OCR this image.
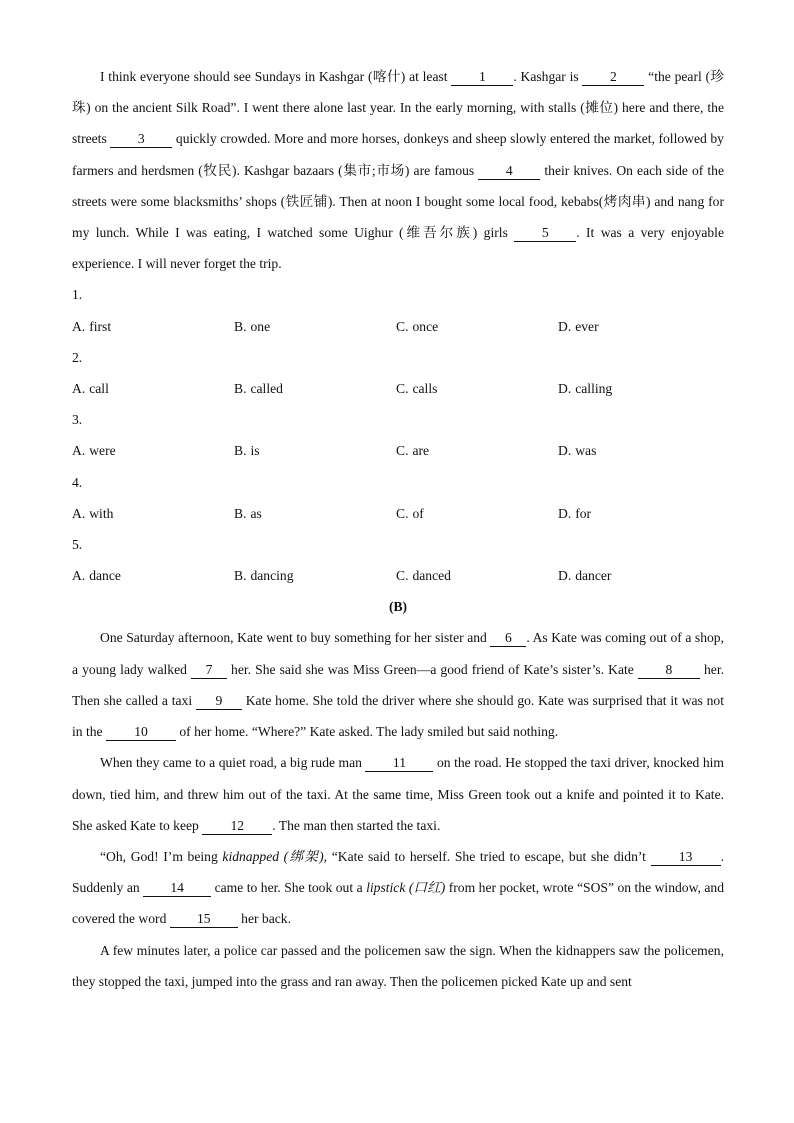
I think everyone should see Sundays in Kashgar (喀什) at least 1 . Kashgar is 2 “the pearl (珍珠) on the ancient Silk Road”. I went there alone last year. In the early morning, with stalls (摊位) here and there, the streets 3 quickly crowded. More and more horses, donkeys and sheep slowly entered the market, followed by farmers and herdsmen (牧民). Kashgar bazaars (集市;市场) are famous 4 their knives. On each side of the streets were some blacksmiths’ shops (铁匠铺). Then at noon I bought some local food, kebabs(烤肉串) and nang for my lunch. While I was eating, I watched some Uighur (维吾尔族) girls 5 . It was a very enjoyable experience. I will never forget the trip.

1.
A. first	B. one	C. once	D. ever
2.
A. call	B. called	C. calls	D. calling
3.
A. were	B. is	C. are	D. was
4.
A. with	B. as	C. of	D. for
5.
A. dance	B. dancing	C. danced	D. dancer
(B)

One Saturday afternoon, Kate went to buy something for her sister and 6 . As Kate was coming out of a shop, a young lady walked 7 her. She said she was Miss Green—a good friend of Kate’s sister’s. Kate 8 her. Then she called a taxi 9 Kate home. She told the driver where she should go. Kate was surprised that it was not in the 10 of her home. “Where?” Kate asked. The lady smiled but said nothing.

When they came to a quiet road, a big rude man 11 on the road. He stopped the taxi driver, knocked him down, tied him, and threw him out of the taxi. At the same time, Miss Green took out a knife and pointed it to Kate. She asked Kate to keep 12 . The man then started the taxi.

“Oh, God! I’m being kidnapped (绑架), “Kate said to herself. She tried to escape, but she didn’t 13 . Suddenly an 14 came to her. She took out a lipstick (口红) from her pocket, wrote “SOS” on the window, and covered the word 15 her back.

A few minutes later, a police car passed and the policemen saw the sign. When the kidnappers saw the policemen, they stopped the taxi, jumped into the grass and ran away. Then the policemen picked Kate up and sent
